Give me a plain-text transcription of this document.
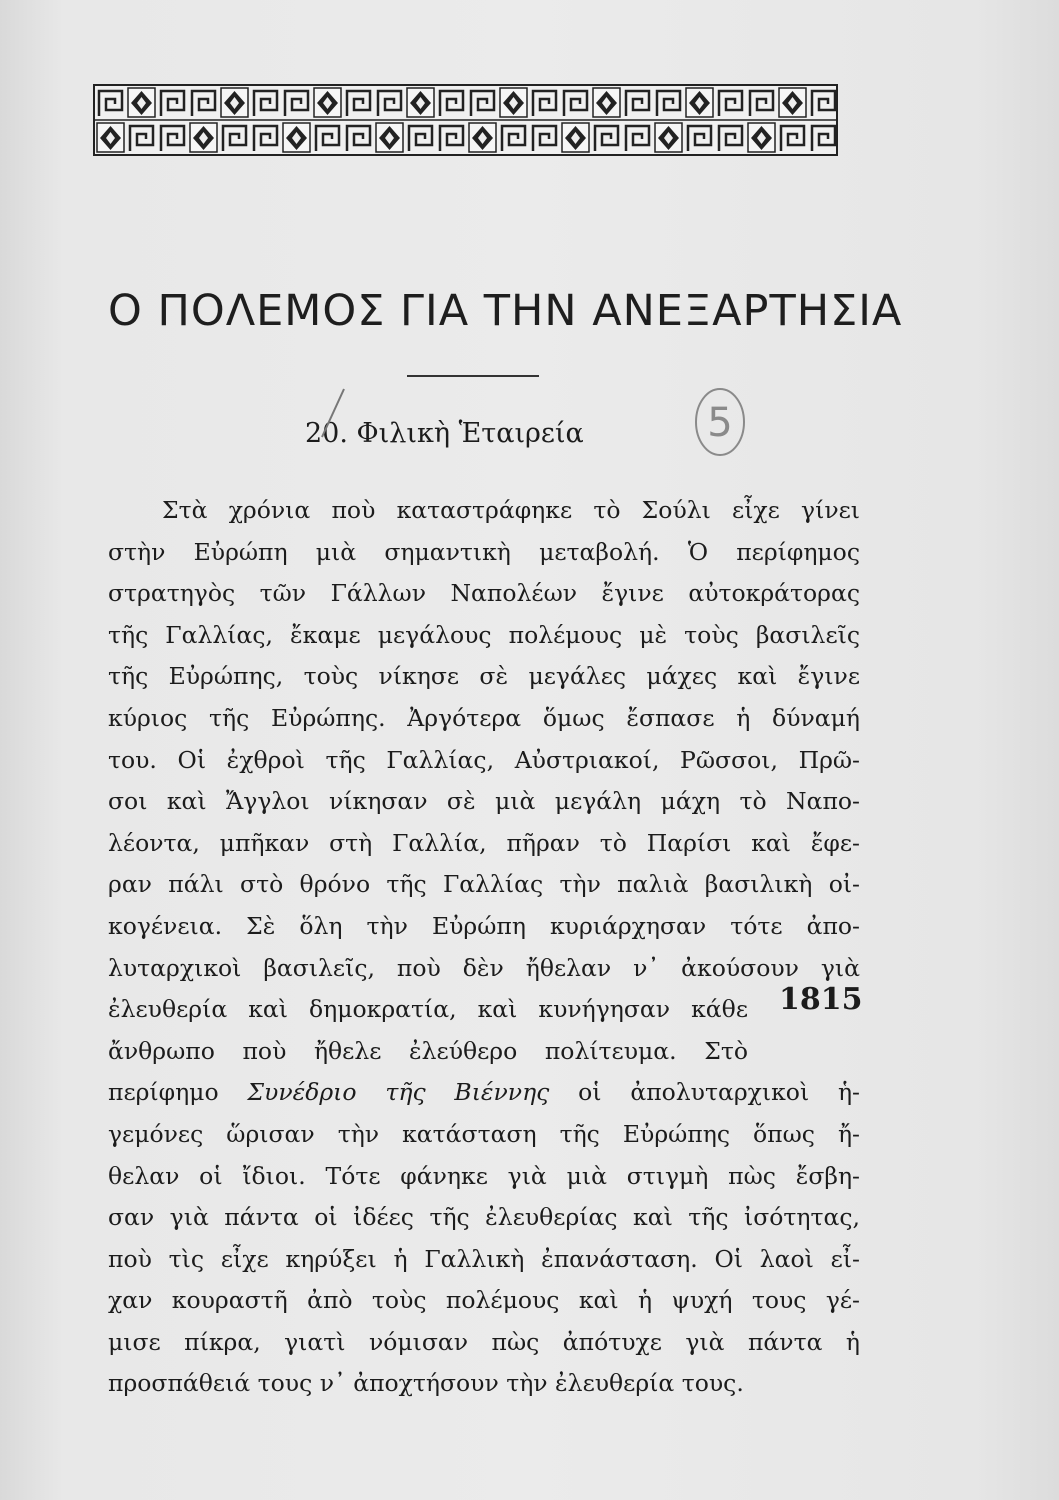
Ο ΠΟΛΕΜΟΣ ΓΙΑ ΤΗΝ ΑΝΕΞΑΡΤΗΣΙΑ
20. Φιλικὴ Ἑταιρεία	5
Στὰ χρόνια ποὺ καταστράφηκε τὸ Σούλι εἶχε γίνει
στὴν Εὐρώπη μιὰ σημαντικὴ μεταβολή. Ὁ περίφημος
στρατηγὸς τῶν Γάλλων Ναπολέων ἔγινε αὐτοκράτορας
τῆς Γαλλίας, ἔκαμε μεγάλους πολέμους μὲ τοὺς βασιλεῖς
τῆς Εὐρώπης, τοὺς νίκησε σὲ μεγάλες μάχες καὶ ἔγινε
κύριος τῆς Εὐρώπης. Ἀργότερα ὅμως ἔσπασε ἡ δύναμή
του. Οἱ ἐχθροὶ τῆς Γαλλίας, Αὐστριακοί, Ρῶσσοι, Πρῶ-
σοι καὶ Ἄγγλοι νίκησαν σὲ μιὰ μεγάλη μάχη τὸ Ναπο-
λέοντα, μπῆκαν στὴ Γαλλία, πῆραν τὸ Παρίσι καὶ ἔφε-
ραν πάλι στὸ θρόνο τῆς Γαλλίας τὴν παλιὰ βασιλικὴ οἰ-
κογένεια. Σὲ ὅλη τὴν Εὐρώπη κυριάρχησαν τότε ἀπο-
λυταρχικοὶ βασιλεῖς, ποὺ δὲν ἤθελαν ν᾿ ἀκούσουν γιὰ
ἐλευθερία καὶ δημοκρατία, καὶ κυνήγησαν κάθε
ἄνθρωπο ποὺ ἤθελε ἐλεύθερο πολίτευμα. Στὸ
περίφημο Συνέδριο τῆς Βιέννης οἱ ἀπολυταρχικοὶ ἡ-
γεμόνες ὥρισαν τὴν κατάσταση τῆς Εὐρώπης ὅπως ἤ-
θελαν οἱ ἴδιοι. Τότε φάνηκε γιὰ μιὰ στιγμὴ πὼς ἔσβη-
σαν γιὰ πάντα οἱ ἰδέες τῆς ἐλευθερίας καὶ τῆς ἰσότητας,
ποὺ τὶς εἶχε κηρύξει ἡ Γαλλικὴ ἐπανάσταση. Οἱ λαοὶ εἶ-
χαν κουραστῆ ἀπὸ τοὺς πολέμους καὶ ἡ ψυχή τους γέ-
μισε πίκρα, γιατὶ νόμισαν πὼς ἀπότυχε γιὰ πάντα ἡ
προσπάθειά τους ν᾿ ἀποχτήσουν τὴν ἐλευθερία τους.
1815
